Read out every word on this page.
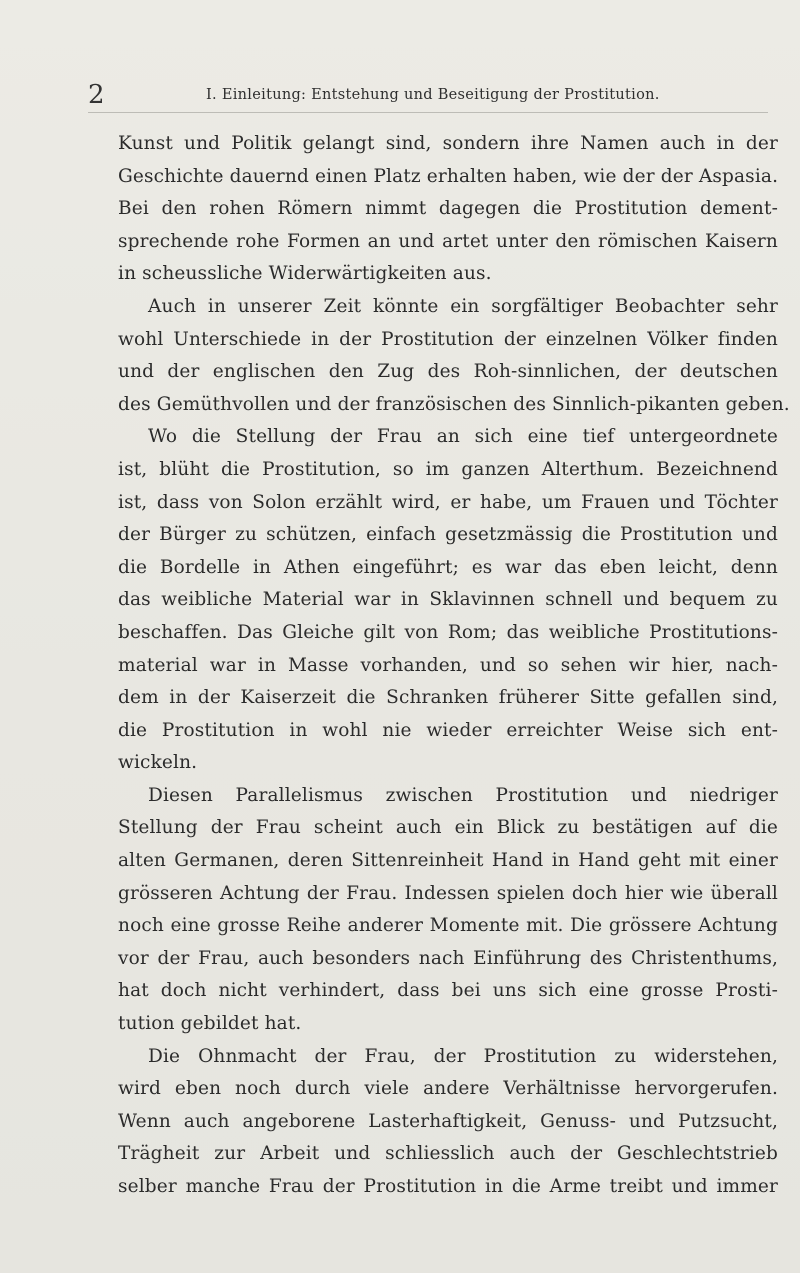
2	I. Einleitung: Entstehung und Beseitigung der Prostitution.
Kunst und Politik gelangt sind, sondern ihre Namen auch in der
Geschichte dauernd einen Platz erhalten haben, wie der der Aspasia.
Bei den rohen Römern nimmt dagegen die Prostitution dement-
sprechende rohe Formen an und artet unter den römischen Kaisern
in scheussliche Widerwärtigkeiten aus.
Auch in unserer Zeit könnte ein sorgfältiger Beobachter sehr
wohl Unterschiede in der Prostitution der einzelnen Völker finden
und der englischen den Zug des Roh-sinnlichen, der deutschen
des Gemüthvollen und der französischen des Sinnlich-pikanten geben.
Wo die Stellung der Frau an sich eine tief untergeordnete
ist, blüht die Prostitution, so im ganzen Alterthum. Bezeichnend
ist, dass von Solon erzählt wird, er habe, um Frauen und Töchter
der Bürger zu schützen, einfach gesetzmässig die Prostitution und
die Bordelle in Athen eingeführt; es war das eben leicht, denn
das weibliche Material war in Sklavinnen schnell und bequem zu
beschaffen. Das Gleiche gilt von Rom; das weibliche Prostitutions-
material war in Masse vorhanden, und so sehen wir hier, nach-
dem in der Kaiserzeit die Schranken früherer Sitte gefallen sind,
die Prostitution in wohl nie wieder erreichter Weise sich ent-
wickeln.
Diesen Parallelismus zwischen Prostitution und niedriger
Stellung der Frau scheint auch ein Blick zu bestätigen auf die
alten Germanen, deren Sittenreinheit Hand in Hand geht mit einer
grösseren Achtung der Frau. Indessen spielen doch hier wie überall
noch eine grosse Reihe anderer Momente mit. Die grössere Achtung
vor der Frau, auch besonders nach Einführung des Christenthums,
hat doch nicht verhindert, dass bei uns sich eine grosse Prosti-
tution gebildet hat.
Die Ohnmacht der Frau, der Prostitution zu widerstehen,
wird eben noch durch viele andere Verhältnisse hervorgerufen.
Wenn auch angeborene Lasterhaftigkeit, Genuss- und Putzsucht,
Trägheit zur Arbeit und schliesslich auch der Geschlechtstrieb
selber manche Frau der Prostitution in die Arme treibt und immer
